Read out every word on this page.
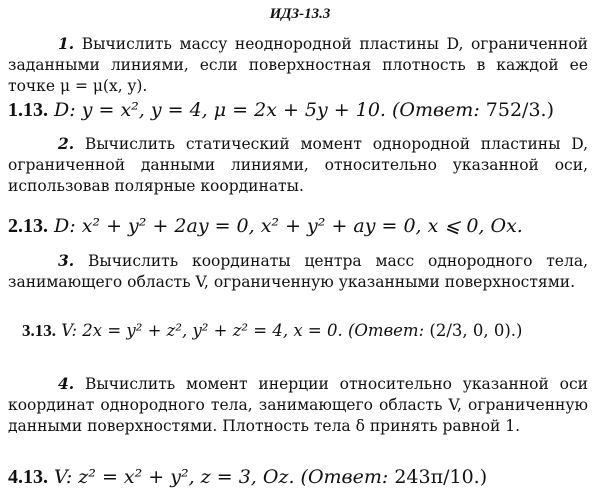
ИДЗ-13.3

1. Вычислить массу неоднородной пластины D, ограниченной заданными линиями, если поверхностная плотность в каждой ее точке μ = μ(x, y).

1.13. D: y = x², y = 4, μ = 2x + 5y + 10. (Ответ: 752/3.)

2. Вычислить статический момент однородной пластины D, ограниченной данными линиями, относительно указанной оси, использовав полярные координаты.

2.13. D: x² + y² + 2ay = 0, x² + y² + ay = 0, x ⩽ 0, Ox.

3. Вычислить координаты центра масс однородного тела, занимающего область V, ограниченную указанными поверхностями.

3.13. V: 2x = y² + z², y² + z² = 4, x = 0. (Ответ: (2/3, 0, 0).)

4. Вычислить момент инерции относительно указанной оси координат однородного тела, занимающего область V, ограниченную данными поверхностями. Плотность тела δ принять равной 1.

4.13. V: z² = x² + y², z = 3, Oz. (Ответ: 243π/10.)
